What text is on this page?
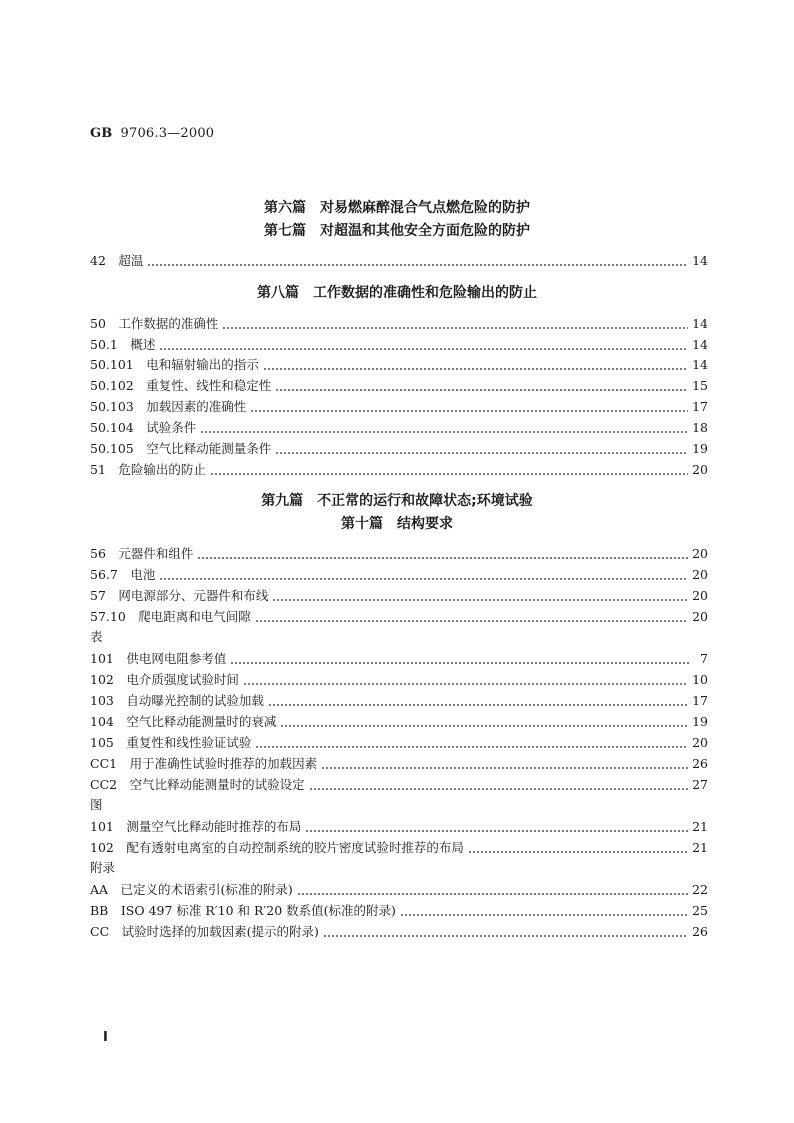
GB 9706.3—2000
第六篇　对易燃麻醉混合气点燃危险的防护
第七篇　对超温和其他安全方面危险的防护
42　超温	14
第八篇　工作数据的准确性和危险输出的防止
50　工作数据的准确性	14
50.1　概述	14
50.101　电和辐射输出的指示	14
50.102　重复性、线性和稳定性	15
50.103　加载因素的准确性	17
50.104　试验条件	18
50.105　空气比释动能测量条件	19
51　危险输出的防止	20
第九篇　不正常的运行和故障状态;环境试验
第十篇　结构要求
56　元器件和组件	20
56.7　电池	20
57　网电源部分、元器件和布线	20
57.10　爬电距离和电气间隙	20
表
101　供电网电阻参考值	7
102　电介质强度试验时间	10
103　自动曝光控制的试验加载	17
104　空气比释动能测量时的衰减	19
105　重复性和线性验证试验	20
CC1　用于准确性试验时推荐的加载因素	26
CC2　空气比释动能测量时的试验设定	27
图
101　测量空气比释动能时推荐的布局	21
102　配有透射电离室的自动控制系统的胶片密度试验时推荐的布局	21
附录
AA　已定义的术语索引(标准的附录)	22
BB　ISO 497 标准 R′10 和 R′20 数系值(标准的附录)	25
CC　试验时选择的加载因素(提示的附录)	26
I
